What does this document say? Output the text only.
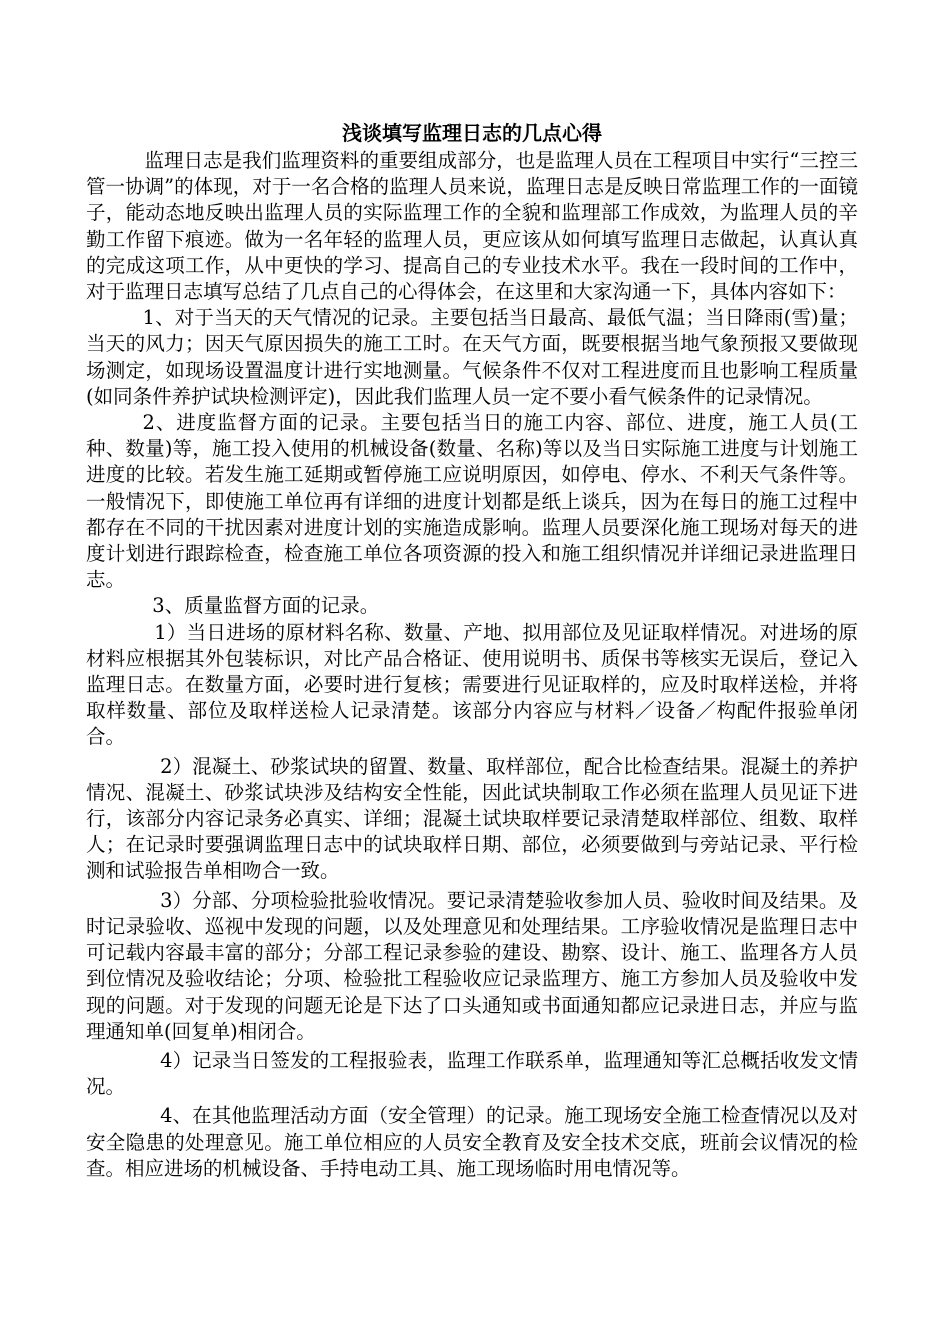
浅谈填写监理日志的几点心得

监理日志是我们监理资料的重要组成部分，也是监理人员在工程项目中实行“三控三管一协调”的体现，对于一名合格的监理人员来说，监理日志是反映日常监理工作的一面镜子，能动态地反映出监理人员的实际监理工作的全貌和监理部工作成效，为监理人员的辛勤工作留下痕迹。做为一名年轻的监理人员，更应该从如何填写监理日志做起，认真认真的完成这项工作，从中更快的学习、提高自己的专业技术水平。我在一段时间的工作中，对于监理日志填写总结了几点自己的心得体会，在这里和大家沟通一下，具体内容如下：

1、对于当天的天气情况的记录。主要包括当日最高、最低气温；当日降雨(雪)量；当天的风力；因天气原因损失的施工工时。在天气方面，既要根据当地气象预报又要做现场测定，如现场设置温度计进行实地测量。气候条件不仅对工程进度而且也影响工程质量(如同条件养护试块检测评定)，因此我们监理人员一定不要小看气候条件的记录情况。

2、进度监督方面的记录。主要包括当日的施工内容、部位、进度，施工人员(工种、数量)等，施工投入使用的机械设备(数量、名称)等以及当日实际施工进度与计划施工进度的比较。若发生施工延期或暂停施工应说明原因，如停电、停水、不利天气条件等。一般情况下，即使施工单位再有详细的进度计划都是纸上谈兵，因为在每日的施工过程中都存在不同的干扰因素对进度计划的实施造成影响。监理人员要深化施工现场对每天的进度计划进行跟踪检查，检查施工单位各项资源的投入和施工组织情况并详细记录进监理日志。

3、质量监督方面的记录。

1）当日进场的原材料名称、数量、产地、拟用部位及见证取样情况。对进场的原材料应根据其外包装标识，对比产品合格证、使用说明书、质保书等核实无误后，登记入监理日志。在数量方面，必要时进行复核；需要进行见证取样的，应及时取样送检，并将取样数量、部位及取样送检人记录清楚。该部分内容应与材料／设备／构配件报验单闭合。

2）混凝土、砂浆试块的留置、数量、取样部位，配合比检查结果。混凝土的养护情况、混凝土、砂浆试块涉及结构安全性能，因此试块制取工作必须在监理人员见证下进行，该部分内容记录务必真实、详细；混凝土试块取样要记录清楚取样部位、组数、取样人；在记录时要强调监理日志中的试块取样日期、部位，必须要做到与旁站记录、平行检测和试验报告单相吻合一致。

3）分部、分项检验批验收情况。要记录清楚验收参加人员、验收时间及结果。及时记录验收、巡视中发现的问题，以及处理意见和处理结果。工序验收情况是监理日志中可记载内容最丰富的部分；分部工程记录参验的建设、勘察、设计、施工、监理各方人员到位情况及验收结论；分项、检验批工程验收应记录监理方、施工方参加人员及验收中发现的问题。对于发现的问题无论是下达了口头通知或书面通知都应记录进日志，并应与监理通知单(回复单)相闭合。

4）记录当日签发的工程报验表，监理工作联系单，监理通知等汇总概括收发文情况。

4、在其他监理活动方面（安全管理）的记录。施工现场安全施工检查情况以及对安全隐患的处理意见。施工单位相应的人员安全教育及安全技术交底，班前会议情况的检查。相应进场的机械设备、手持电动工具、施工现场临时用电情况等。
